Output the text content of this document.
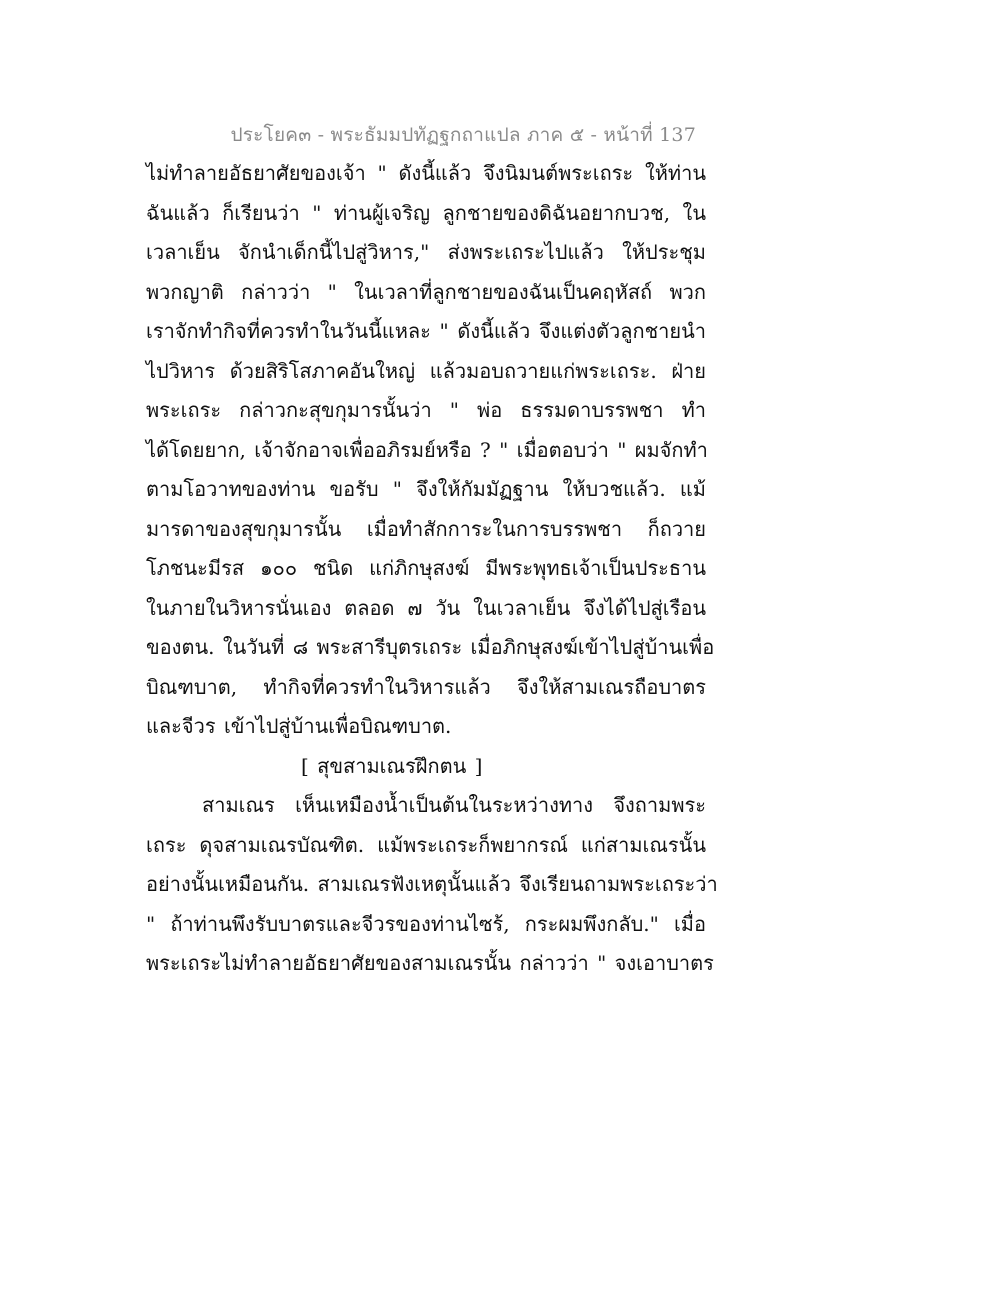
ประโยค๓ - พระธัมมปทัฏฐกถาแปล ภาค ๕ - หน้าที่ 137
ไม่ทำลายอัธยาศัยของเจ้า " ดังนี้แล้ว จึงนิมนต์พระเถระ ให้ท่าน
ฉันแล้ว ก็เรียนว่า " ท่านผู้เจริญ ลูกชายของดิฉันอยากบวช, ใน
เวลาเย็น จักนำเด็กนี้ไปสู่วิหาร," ส่งพระเถระไปแล้ว ให้ประชุม
พวกญาติ กล่าวว่า " ในเวลาที่ลูกชายของฉันเป็นคฤหัสถ์ พวก
เราจักทำกิจที่ควรทำในวันนี้แหละ " ดังนี้แล้ว จึงแต่งตัวลูกชายนำ
ไปวิหาร ด้วยสิริโสภาคอันใหญ่ แล้วมอบถวายแก่พระเถระ. ฝ่าย
พระเถระ กล่าวกะสุขกุมารนั้นว่า " พ่อ ธรรมดาบรรพชา ทำ
ได้โดยยาก, เจ้าจักอาจเพื่ออภิรมย์หรือ ? " เมื่อตอบว่า " ผมจักทำ
ตามโอวาทของท่าน ขอรับ " จึงให้กัมมัฏฐาน ให้บวชแล้ว. แม้
มารดาของสุขกุมารนั้น เมื่อทำสักการะในการบรรพชา ก็ถวาย
โภชนะมีรส ๑๐๐ ชนิด แก่ภิกษุสงฆ์ มีพระพุทธเจ้าเป็นประธาน
ในภายในวิหารนั่นเอง ตลอด ๗ วัน ในเวลาเย็น จึงได้ไปสู่เรือน
ของตน. ในวันที่ ๘ พระสารีบุตรเถระ เมื่อภิกษุสงฆ์เข้าไปสู่บ้านเพื่อ
บิณฑบาต, ทำกิจที่ควรทำในวิหารแล้ว จึงให้สามเณรถือบาตร
และจีวร เข้าไปสู่บ้านเพื่อบิณฑบาต.
[ สุขสามเณรฝึกตน ]
สามเณร เห็นเหมืองน้ำเป็นต้นในระหว่างทาง จึงถามพระ
เถระ ดุจสามเณรบัณฑิต. แม้พระเถระก็พยากรณ์ แก่สามเณรนั้น
อย่างนั้นเหมือนกัน. สามเณรฟังเหตุนั้นแล้ว จึงเรียนถามพระเถระว่า
" ถ้าท่านพึงรับบาตรและจีวรของท่านไซร้, กระผมพึงกลับ." เมื่อ
พระเถระไม่ทำลายอัธยาศัยของสามเณรนั้น กล่าวว่า " จงเอาบาตร
